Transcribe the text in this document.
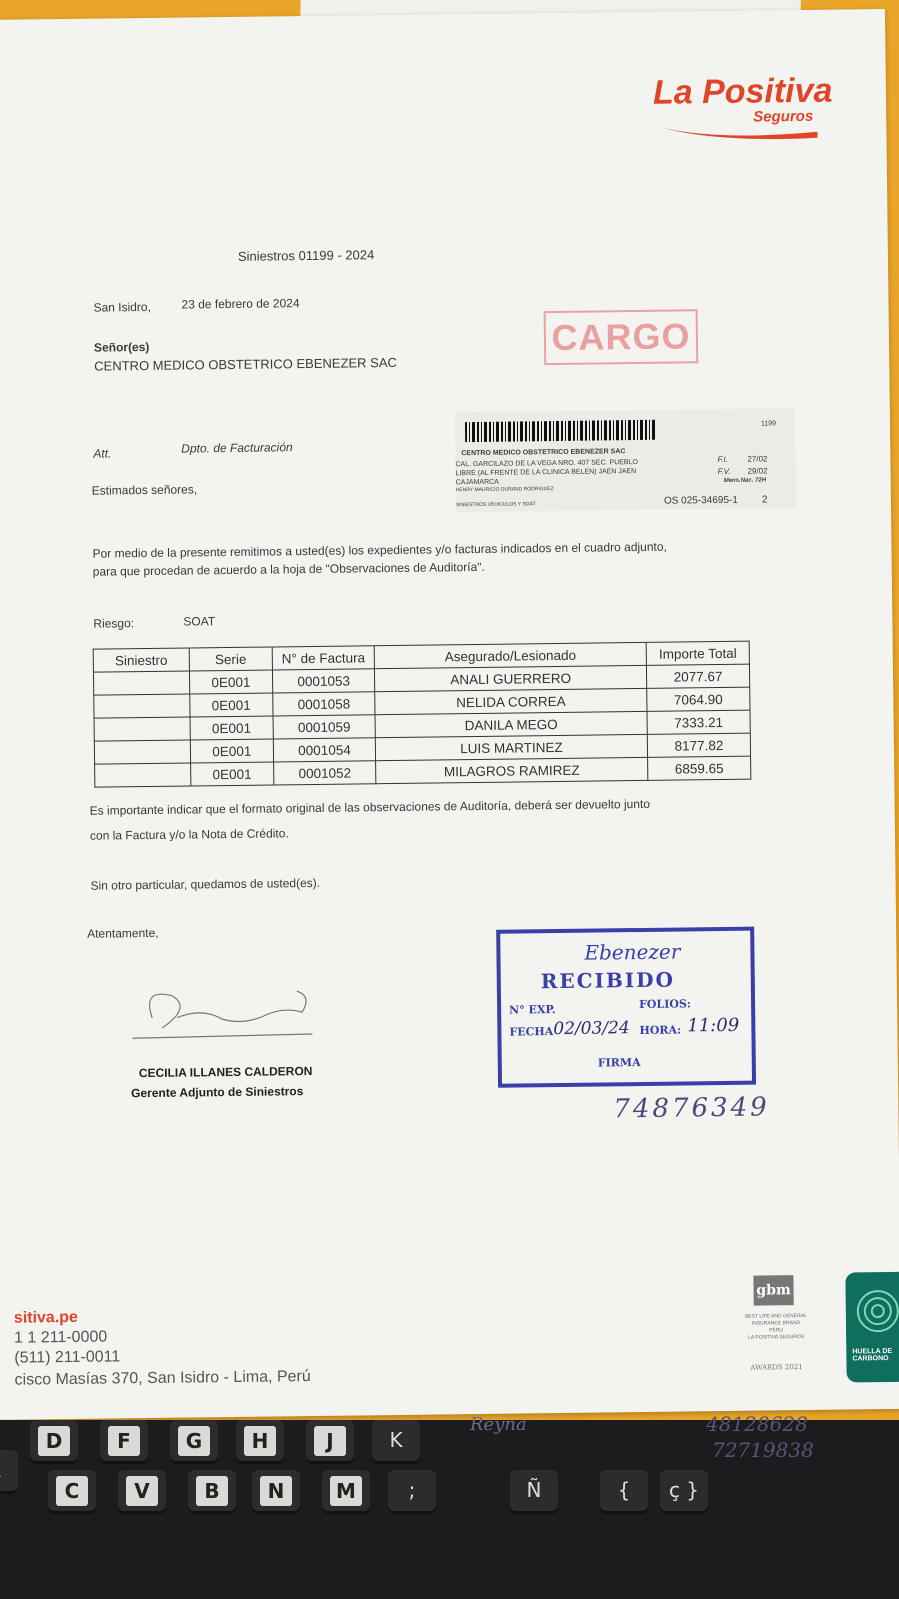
La Positiva
Seguros
Siniestros 01199 - 2024
San Isidro,	23 de febrero de 2024
Señor(es)
CENTRO MEDICO OBSTETRICO EBENEZER SAC
CARGO
Att.	Dpto. de Facturación
Estimados señores,
1199
CENTRO MEDICO OBSTETRICO EBENEZER SAC
CAL. GARCILAZO DE LA VEGA NRO. 407 SEC. PUEBLO
LIBRE (AL FRENTE DE LA CLINICA BELEN) JAEN JAEN
CAJAMARCA
HENRY MAURICIO DURAND RODRIGUEZ
SINIESTROS VEHICULOS Y SOAT
F.I. 27/02
F.V. 29/02
Mens.Nac. 72H
OS 025-34695-1 2
Por medio de la presente remitimos a usted(es) los expedientes y/o facturas indicados en el cuadro adjunto,
para que procedan de acuerdo a la hoja de "Observaciones de Auditoría".
Riesgo:	SOAT
Siniestro	Serie	N° de Factura	Asegurado/Lesionado	Importe Total
	0E001	0001053	ANALI GUERRERO	2077.67
	0E001	0001058	NELIDA CORREA	7064.90
	0E001	0001059	DANILA MEGO	7333.21
	0E001	0001054	LUIS MARTINEZ	8177.82
	0E001	0001052	MILAGROS RAMIREZ	6859.65
Es importante indicar que el formato original de las observaciones de Auditoría, deberá ser devuelto junto
con la Factura y/o la Nota de Crédito.
Sin otro particular, quedamos de usted(es).
Atentamente,
CECILIA ILLANES CALDERON
Gerente Adjunto de Siniestros
Ebenezer
RECIBIDO
N° EXP.	FOLIOS:
FECHA 02/03/24 HORA: 11:09
FIRMA
74876349
sitiva.pe
1 1 211-0000
(511) 211-0011
cisco Masías 370, San Isidro - Lima, Perú
gbm
BEST LIFE AND GENERAL
INSURANCE BRAND
PERU
LA POSITIVA SEGUROS
AWARDS 2021
HUELLA DE CARBONO
Reyna	48128628
72719838
D	F	G	H	J	K
C	V	B	N	M	;	Ñ	{	ç }
